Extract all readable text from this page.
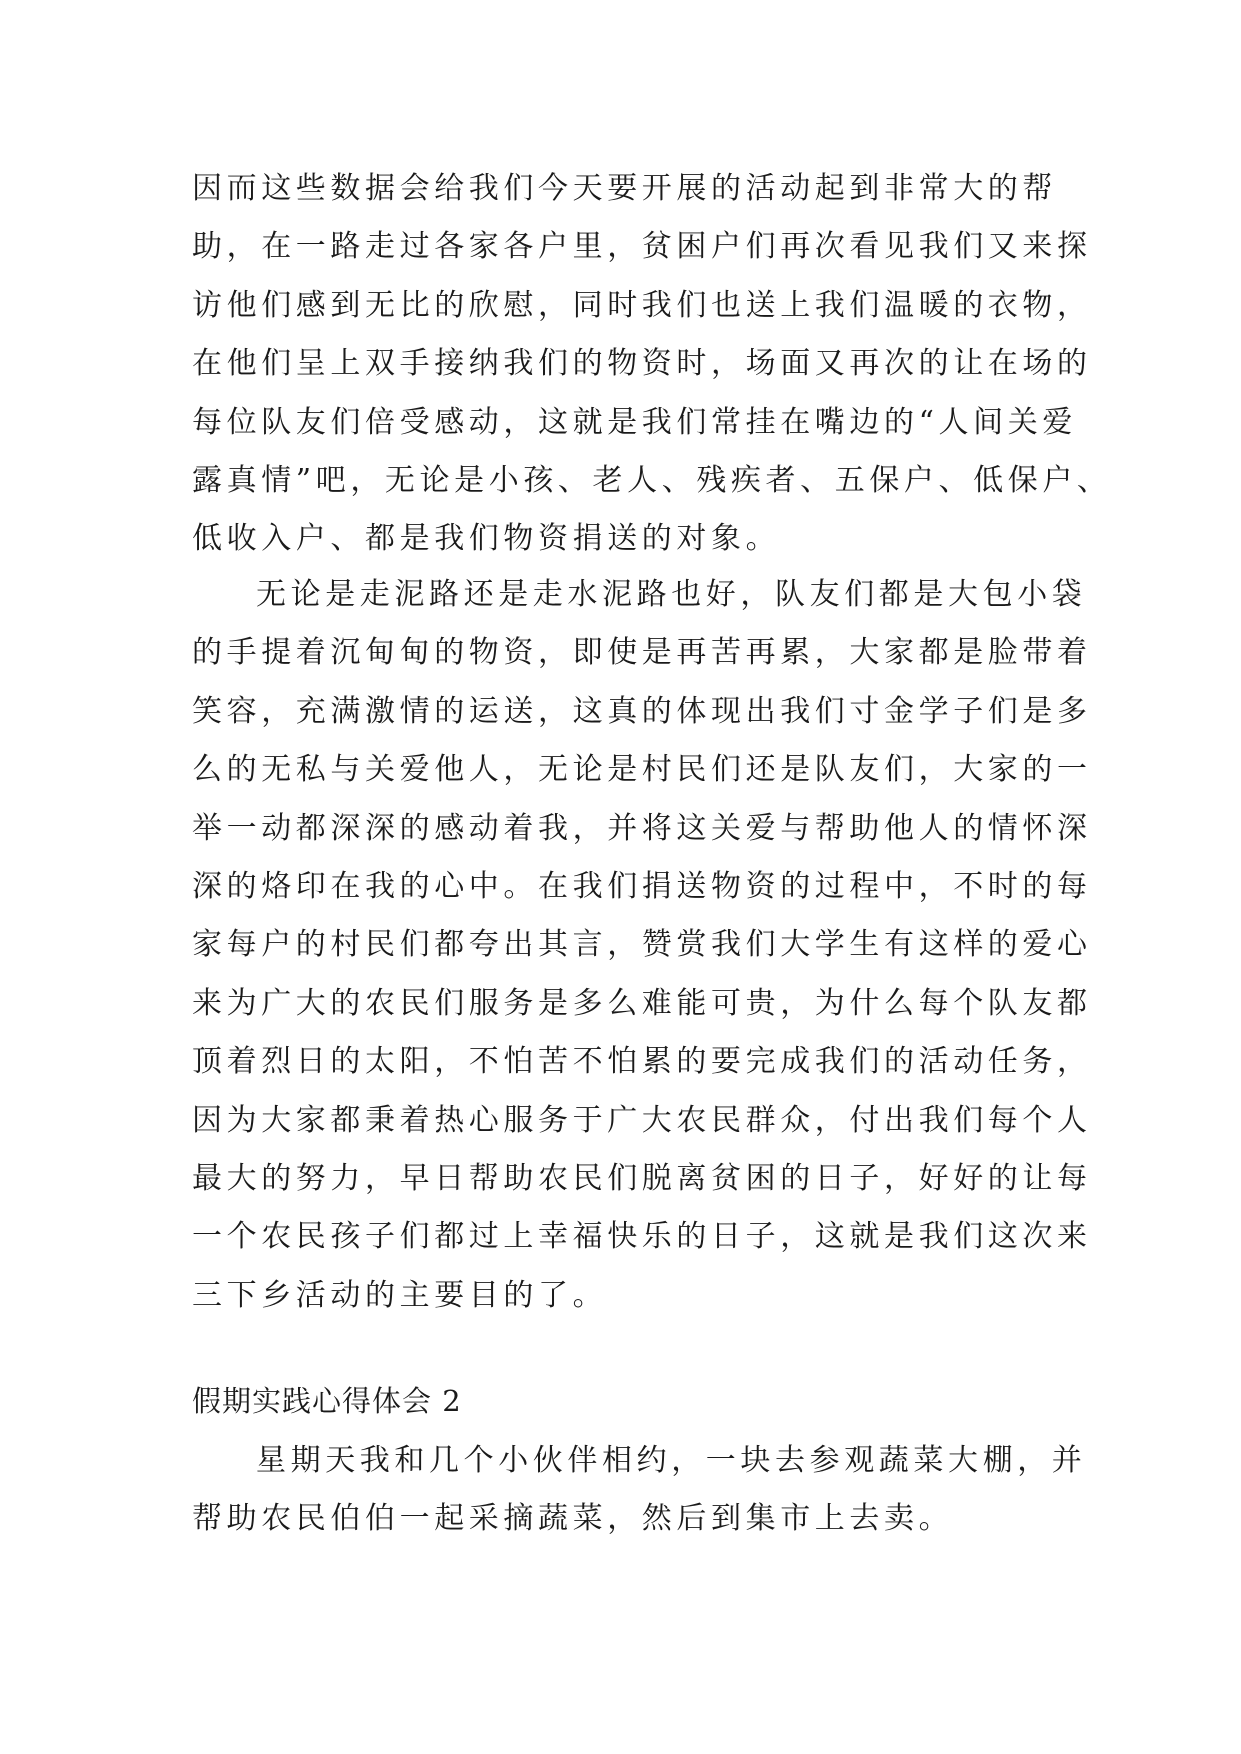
因而这些数据会给我们今天要开展的活动起到非常大的帮
助，在一路走过各家各户里，贫困户们再次看见我们又来探
访他们感到无比的欣慰，同时我们也送上我们温暖的衣物，
在他们呈上双手接纳我们的物资时，场面又再次的让在场的
每位队友们倍受感动，这就是我们常挂在嘴边的“人间关爱
露真情”吧，无论是小孩、老人、残疾者、五保户、低保户、
低收入户、都是我们物资捐送的对象。
无论是走泥路还是走水泥路也好，队友们都是大包小袋
的手提着沉甸甸的物资，即使是再苦再累，大家都是脸带着
笑容，充满激情的运送，这真的体现出我们寸金学子们是多
么的无私与关爱他人，无论是村民们还是队友们，大家的一
举一动都深深的感动着我，并将这关爱与帮助他人的情怀深
深的烙印在我的心中。在我们捐送物资的过程中，不时的每
家每户的村民们都夸出其言，赞赏我们大学生有这样的爱心
来为广大的农民们服务是多么难能可贵，为什么每个队友都
顶着烈日的太阳，不怕苦不怕累的要完成我们的活动任务，
因为大家都秉着热心服务于广大农民群众，付出我们每个人
最大的努力，早日帮助农民们脱离贫困的日子，好好的让每
一个农民孩子们都过上幸福快乐的日子，这就是我们这次来
三下乡活动的主要目的了。
假期实践心得体会 2
星期天我和几个小伙伴相约，一块去参观蔬菜大棚，并
帮助农民伯伯一起采摘蔬菜，然后到集市上去卖。
